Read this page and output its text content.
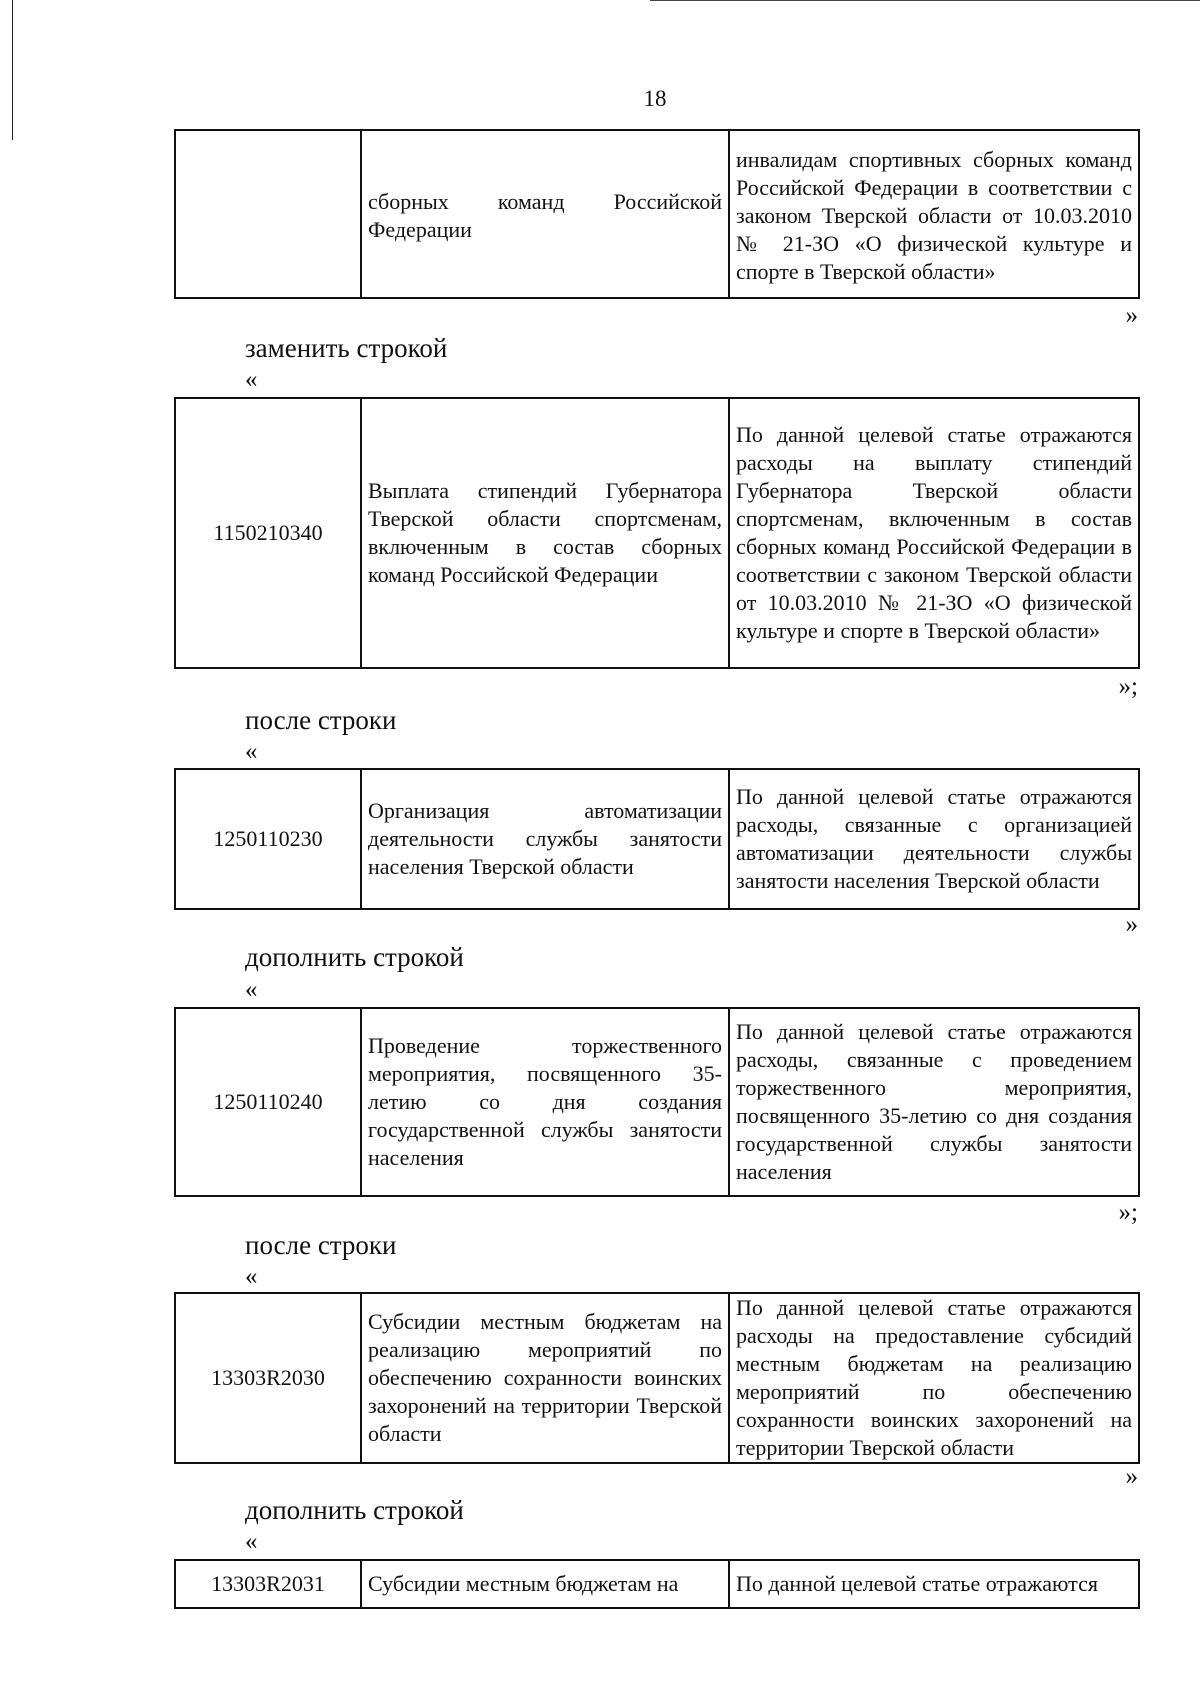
18
	сборных команд Российской Федерации	инвалидам спортивных сборных команд Российской Федерации в соответствии с законом Тверской области от 10.03.2010 № 21-ЗО «О физической культуре и спорте в Тверской области»
»
заменить строкой
«
1150210340	Выплата стипендий Губернатора Тверской области спортсменам, включенным в состав сборных команд Российской Федерации	По данной целевой статье отражаются расходы на выплату стипендий Губернатора Тверской области спортсменам, включенным в состав сборных команд Российской Федерации в соответствии с законом Тверской области от 10.03.2010 № 21-ЗО «О физической культуре и спорте в Тверской области»
»;
после строки
«
1250110230	Организация автоматизации деятельности службы занятости населения Тверской области	По данной целевой статье отражаются расходы, связанные с организацией автоматизации деятельности службы занятости населения Тверской области
»
дополнить строкой
«
1250110240	Проведение торжественного мероприятия, посвященного 35-летию со дня создания государственной службы занятости населения	По данной целевой статье отражаются расходы, связанные с проведением торжественного мероприятия, посвященного 35-летию со дня создания государственной службы занятости населения
»;
после строки
«
13303R2030	Субсидии местным бюджетам на реализацию мероприятий по обеспечению сохранности воинских захоронений на территории Тверской области	По данной целевой статье отражаются расходы на предоставление субсидий местным бюджетам на реализацию мероприятий по обеспечению сохранности воинских захоронений на территории Тверской области
»
дополнить строкой
«
13303R2031	Субсидии местным бюджетам на	По данной целевой статье отражаются
